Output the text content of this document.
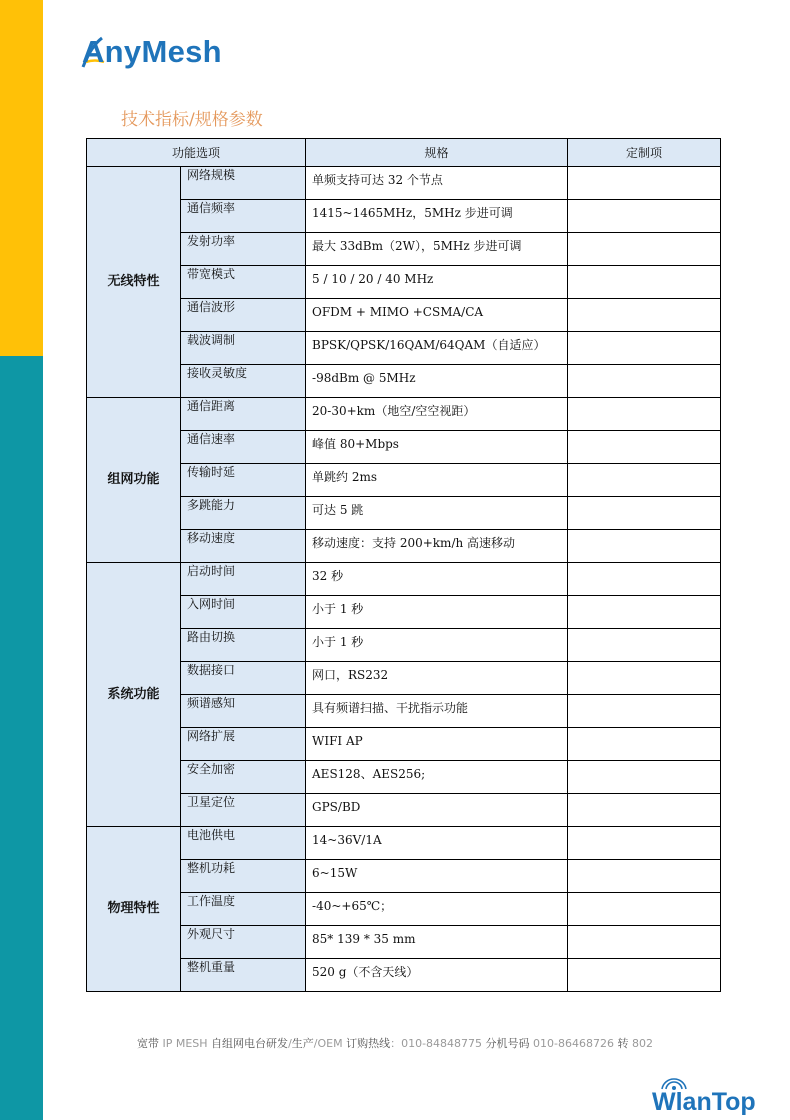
AnyMesh
技术指标/规格参数
功能选项		规格	定制项
无线特性	网络规模	单频支持可达 32 个节点	
	通信频率	1415~1465MHz，5MHz 步进可调	
	发射功率	最大 33dBm（2W），5MHz 步进可调	
	带宽模式	5 / 10 / 20 / 40 MHz	
	通信波形	OFDM + MIMO +CSMA/CA	
	载波调制	BPSK/QPSK/16QAM/64QAM（自适应）	
	接收灵敏度	-98dBm @ 5MHz	
组网功能	通信距离	20-30+km（地空/空空视距）	
	通信速率	峰值 80+Mbps	
	传输时延	单跳约 2ms	
	多跳能力	可达 5 跳	
	移动速度	移动速度：支持 200+km/h 高速移动	
系统功能	启动时间	32 秒	
	入网时间	小于 1 秒	
	路由切换	小于 1 秒	
	数据接口	网口，RS232	
	频谱感知	具有频谱扫描、干扰指示功能	
	网络扩展	WIFI AP	
	安全加密	AES128、AES256;	
	卫星定位	GPS/BD	
物理特性	电池供电	14~36V/1A	
	整机功耗	6~15W	
	工作温度	-40~+65℃；	
	外观尺寸	85* 139 * 35 mm	
	整机重量	520 g（不含天线）	
宽带 IP MESH 自组网电台研发/生产/OEM 订购热线：010-84848775 分机号码 010-86468726 转 802
WlanTop
